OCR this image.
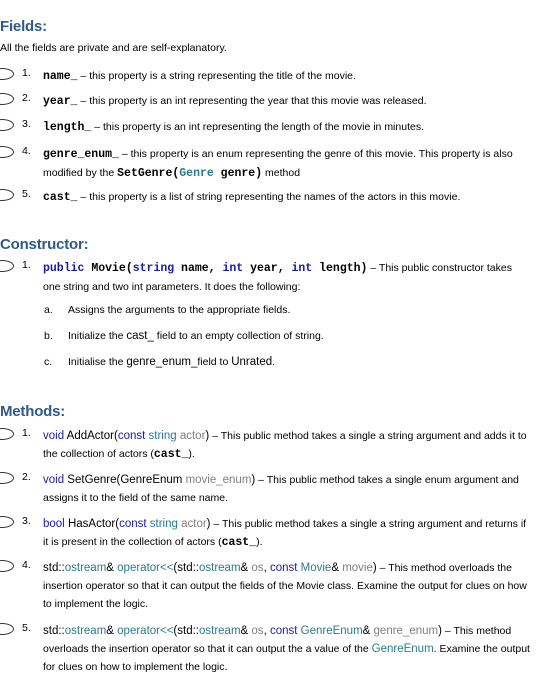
Fields:
All the fields are private and are self-explanatory.
1. name_ – this property is a string representing the title of the movie.
2. year_ – this property is an int representing the year that this movie was released.
3. length_ – this property is an int representing the length of the movie in minutes.
4. genre_enum_ – this property is an enum representing the genre of this movie. This property is also modified by the SetGenre(Genre genre) method
5. cast_ – this property is a list of string representing the names of the actors in this movie.
Constructor:
1. public Movie(string name, int year, int length) – This public constructor takes one string and two int parameters. It does the following:
a. Assigns the arguments to the appropriate fields.
b. Initialize the cast_ field to an empty collection of string.
c. Initialise the genre_enum_field to Unrated.
Methods:
1. void AddActor(const string actor) – This public method takes a single a string argument and adds it to the collection of actors (cast_).
2. void SetGenre(GenreEnum movie_enum) – This public method takes a single enum argument and assigns it to the field of the same name.
3. bool HasActor(const string actor) – This public method takes a single a string argument and returns if it is present in the collection of actors (cast_).
4. std::ostream& operator<<(std::ostream& os, const Movie& movie) – This method overloads the insertion operator so that it can output the fields of the Movie class. Examine the output for clues on how to implement the logic.
5. std::ostream& operator<<(std::ostream& os, const GenreEnum& genre_enum) – This method overloads the insertion operator so that it can output the a value of the GenreEnum. Examine the output for clues on how to implement the logic.
